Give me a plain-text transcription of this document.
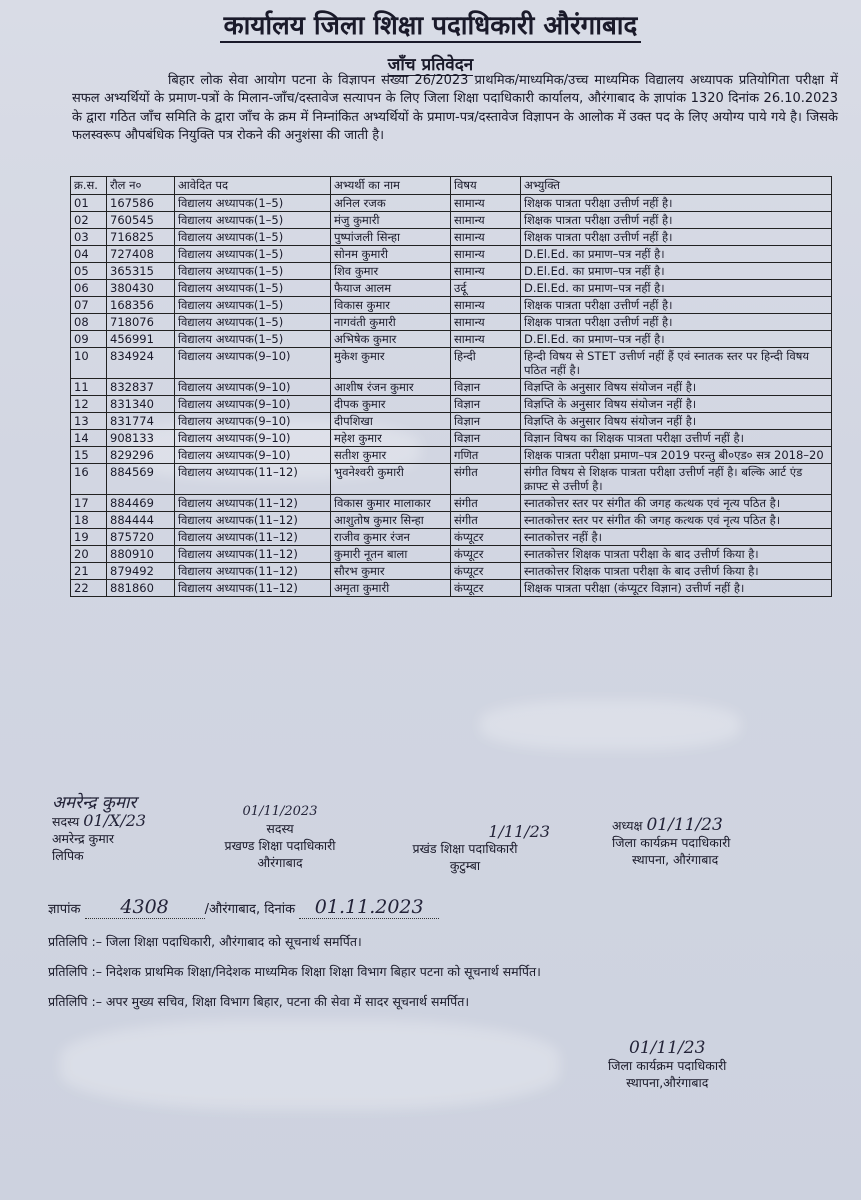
कार्यालय जिला शिक्षा पदाधिकारी औरंगाबाद
जाँच प्रतिवेदन

बिहार लोक सेवा आयोग पटना के विज्ञापन संख्या 26/2023 प्राथमिक/माध्यमिक/उच्च माध्यमिक विद्यालय अध्यापक प्रतियोगिता परीक्षा में सफल अभ्यर्थियों के प्रमाण-पत्रों के मिलान-जाँच/दस्तावेज सत्यापन के लिए जिला शिक्षा पदाधिकारी कार्यालय, औरंगाबाद के ज्ञापांक 1320 दिनांक 26.10.2023 के द्वारा गठित जाँच समिति के द्वारा जाँच के क्रम में निम्नांकित अभ्यर्थियों के प्रमाण-पत्र/दस्तावेज विज्ञापन के आलोक में उक्त पद के लिए अयोग्य पाये गये है। जिसके फलस्वरूप औपबंधिक नियुक्ति पत्र रोकने की अनुशंसा की जाती है।

क्र.स.	रौल न०	आवेदित पद	अभ्यर्थी का नाम	विषय	अभ्युक्ति
01	167586	विद्यालय अध्यापक(1–5)	अनिल रजक	सामान्य	शिक्षक पात्रता परीक्षा उत्तीर्ण नहीं है।
02	760545	विद्यालय अध्यापक(1–5)	मंजु कुमारी	सामान्य	शिक्षक पात्रता परीक्षा उत्तीर्ण नहीं है।
03	716825	विद्यालय अध्यापक(1–5)	पुष्पांजली सिन्हा	सामान्य	शिक्षक पात्रता परीक्षा उत्तीर्ण नहीं है।
04	727408	विद्यालय अध्यापक(1–5)	सोनम कुमारी	सामान्य	D.El.Ed. का प्रमाण–पत्र नहीं है।
05	365315	विद्यालय अध्यापक(1–5)	शिव कुमार	सामान्य	D.El.Ed. का प्रमाण–पत्र नहीं है।
06	380430	विद्यालय अध्यापक(1–5)	फैयाज आलम	उर्दू	D.El.Ed. का प्रमाण–पत्र नहीं है।
07	168356	विद्यालय अध्यापक(1–5)	विकास कुमार	सामान्य	शिक्षक पात्रता परीक्षा उत्तीर्ण नहीं है।
08	718076	विद्यालय अध्यापक(1–5)	नागवंती कुमारी	सामान्य	शिक्षक पात्रता परीक्षा उत्तीर्ण नहीं है।
09	456991	विद्यालय अध्यापक(1–5)	अभिषेक कुमार	सामान्य	D.El.Ed. का प्रमाण–पत्र नहीं है।
10	834924	विद्यालय अध्यापक(9–10)	मुकेश कुमार	हिन्दी	हिन्दी विषय से STET उत्तीर्ण नहीं हैं एवं स्नातक स्तर पर हिन्दी विषय पठित नहीं है।
11	832837	विद्यालय अध्यापक(9–10)	आशीष रंजन कुमार	विज्ञान	विज्ञप्ति के अनुसार विषय संयोजन नहीं है।
12	831340	विद्यालय अध्यापक(9–10)	दीपक कुमार	विज्ञान	विज्ञप्ति के अनुसार विषय संयोजन नहीं है।
13	831774	विद्यालय अध्यापक(9–10)	दीपशिखा	विज्ञान	विज्ञप्ति के अनुसार विषय संयोजन नहीं है।
14	908133	विद्यालय अध्यापक(9–10)	महेश कुमार	विज्ञान	विज्ञान विषय का शिक्षक पात्रता परीक्षा उत्तीर्ण नहीं है।
15	829296	विद्यालय अध्यापक(9–10)	सतीश कुमार	गणित	शिक्षक पात्रता परीक्षा प्रमाण–पत्र 2019 परन्तु बी०एड० सत्र 2018–20
16	884569	विद्यालय अध्यापक(11–12)	भुवनेश्वरी कुमारी	संगीत	संगीत विषय से शिक्षक पात्रता परीक्षा उत्तीर्ण नहीं है। बल्कि आर्ट एंड क्राफ्ट से उत्तीर्ण है।
17	884469	विद्यालय अध्यापक(11–12)	विकास कुमार मालाकार	संगीत	स्नातकोत्तर स्तर पर संगीत की जगह कत्थक एवं नृत्य पठित है।
18	884444	विद्यालय अध्यापक(11–12)	आशुतोष कुमार सिन्हा	संगीत	स्नातकोत्तर स्तर पर संगीत की जगह कत्थक एवं नृत्य पठित है।
19	875720	विद्यालय अध्यापक(11–12)	राजीव कुमार रंजन	कंप्यूटर	स्नातकोत्तर नहीं है।
20	880910	विद्यालय अध्यापक(11–12)	कुमारी नूतन बाला	कंप्यूटर	स्नातकोत्तर शिक्षक पात्रता परीक्षा के बाद उत्तीर्ण किया है।
21	879492	विद्यालय अध्यापक(11–12)	सौरभ कुमार	कंप्यूटर	स्नातकोत्तर शिक्षक पात्रता परीक्षा के बाद उत्तीर्ण किया है।
22	881860	विद्यालय अध्यापक(11–12)	अमृता कुमारी	कंप्यूटर	शिक्षक पात्रता परीक्षा (कंप्यूटर विज्ञान) उत्तीर्ण नहीं है।
अमरेन्द्र कुमार
सदस्य 01/X/23
अमरेन्द्र कुमार
लिपिक
01/11/2023
सदस्य
प्रखण्ड शिक्षा पदाधिकारी
औरंगाबाद
1/11/23
प्रखंड शिक्षा पदाधिकारी
कुटुम्बा
अध्यक्ष 01/11/23
जिला कार्यक्रम पदाधिकारी
स्थापना, औरंगाबाद
ज्ञापांक 4308	/औरंगाबाद, दिनांक 01.11.2023
प्रतिलिपि :– जिला शिक्षा पदाधिकारी, औरंगाबाद को सूचनार्थ समर्पित।
प्रतिलिपि :– निदेशक प्राथमिक शिक्षा/निदेशक माध्यमिक शिक्षा शिक्षा विभाग बिहार पटना को सूचनार्थ समर्पित।
प्रतिलिपि :– अपर मुख्य सचिव, शिक्षा विभाग बिहार, पटना की सेवा में सादर सूचनार्थ समर्पित।
01/11/23
जिला कार्यक्रम पदाधिकारी
स्थापना,औरंगाबाद
